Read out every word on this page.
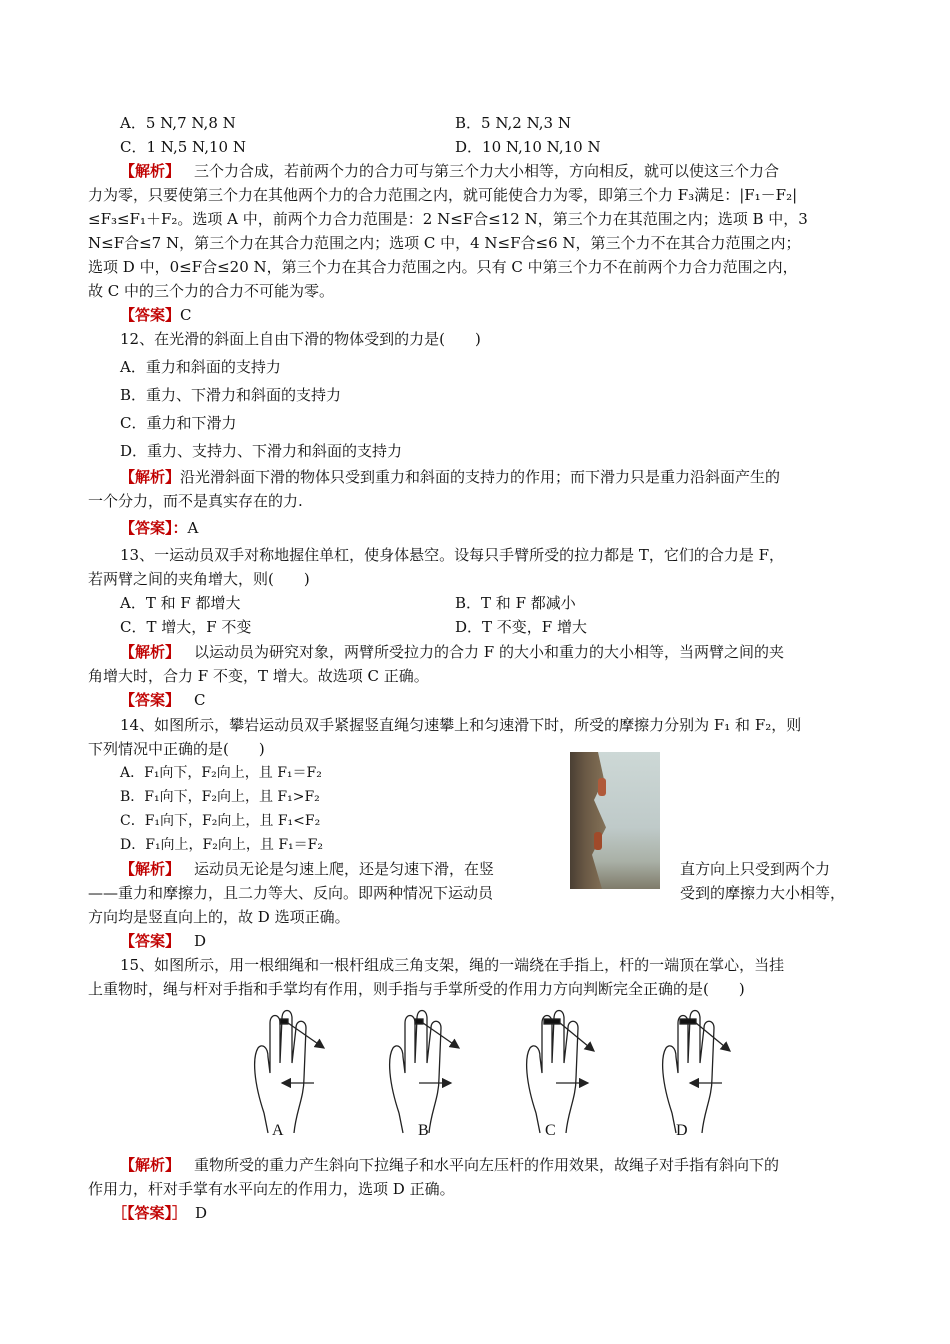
A．5 N,7 N,8 N	B．5 N,2 N,3 N
C．1 N,5 N,10 N	D．10 N,10 N,10 N
【解析】 三个力合成，若前两个力的合力可与第三个力大小相等，方向相反，就可以使这三个力合
力为零，只要使第三个力在其他两个力的合力范围之内，就可能使合力为零，即第三个力 F₃满足：|F₁－F₂|
≤F₃≤F₁＋F₂。选项 A 中，前两个力合力范围是：2 N≤F合≤12 N，第三个力在其范围之内；选项 B 中，3
N≤F合≤7 N，第三个力在其合力范围之内；选项 C 中，4 N≤F合≤6 N，第三个力不在其合力范围之内；
选项 D 中，0≤F合≤20 N，第三个力在其合力范围之内。只有 C 中第三个力不在前两个力合力范围之内，
故 C 中的三个力的合力不可能为零。
【答案】C
12、在光滑的斜面上自由下滑的物体受到的力是(　　)
A．重力和斜面的支持力
B．重力、下滑力和斜面的支持力
C．重力和下滑力
D．重力、支持力、下滑力和斜面的支持力
【解析】沿光滑斜面下滑的物体只受到重力和斜面的支持力的作用；而下滑力只是重力沿斜面产生的
一个分力，而不是真实存在的力.
【答案】：A
13、一运动员双手对称地握住单杠，使身体悬空。设每只手臂所受的拉力都是 T，它们的合力是 F，
若两臂之间的夹角增大，则(　　)
A．T 和 F 都增大	B．T 和 F 都减小
C．T 增大，F 不变	D．T 不变，F 增大
【解析】 以运动员为研究对象，两臂所受拉力的合力 F 的大小和重力的大小相等，当两臂之间的夹
角增大时，合力 F 不变，T 增大。故选项 C 正确。
【答案】 C
14、如图所示，攀岩运动员双手紧握竖直绳匀速攀上和匀速滑下时，所受的摩擦力分别为 F₁ 和 F₂，则
下列情况中正确的是(　　)
A．F₁向下，F₂向上，且 F₁＝F₂
B．F₁向下，F₂向上，且 F₁>F₂
C．F₁向下，F₂向上，且 F₁<F₂
D．F₁向上，F₂向上，且 F₁＝F₂
【解析】 运动员无论是匀速上爬，还是匀速下滑，在竖	直方向上只受到两个力
——重力和摩擦力，且二力等大、反向。即两种情况下运动员	受到的摩擦力大小相等，
方向均是竖直向上的，故 D 选项正确。
【答案】 D
15、如图所示，用一根细绳和一根杆组成三角支架，绳的一端绕在手指上，杆的一端顶在掌心，当挂
上重物时，绳与杆对手指和手掌均有作用，则手指与手掌所受的作用力方向判断完全正确的是(　　)
A	B	C	D
【解析】 重物所受的重力产生斜向下拉绳子和水平向左压杆的作用效果，故绳子对手指有斜向下的
作用力，杆对手掌有水平向左的作用力，选项 D 正确。
［【答案】］ D
